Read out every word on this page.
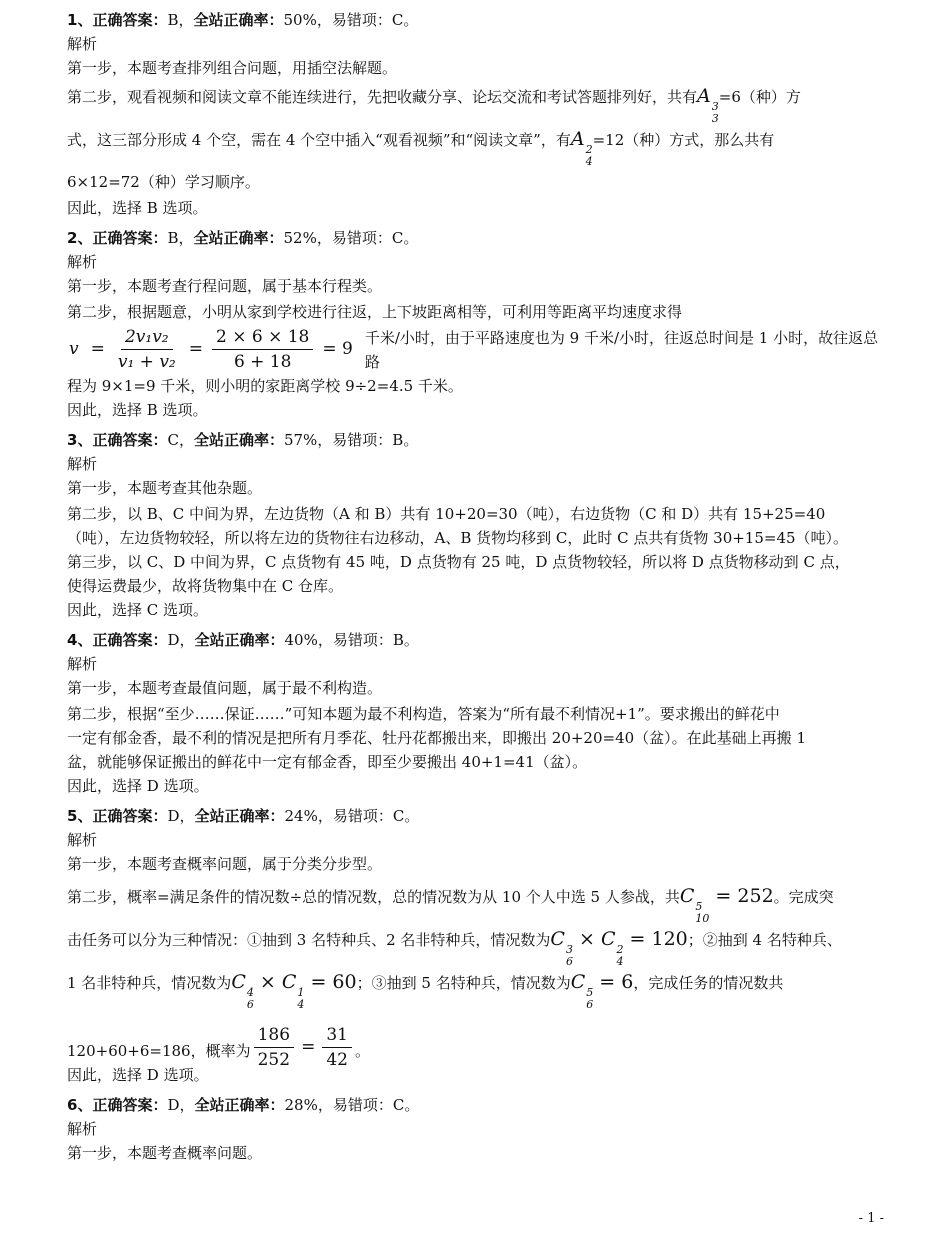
1、正确答案：B，全站正确率：50%，易错项：C。

解析

第一步，本题考查排列组合问题，用插空法解题。

第二步，观看视频和阅读文章不能连续进行，先把收藏分享、论坛交流和考试答题排列好，共有A 3
3
=6（种）方
式，这三部分形成 4 个空，需在 4 个空中插入“观看视频”和“阅读文章”，有A 2
4
=12（种）方式，那么共有
6×12=72（种）学习顺序。

因此，选择 B 选项。

2、正确答案：B，全站正确率：52%，易错项：C。

解析

第一步，本题考查行程问题，属于基本行程类。

第二步，根据题意，小明从家到学校进行往返，上下坡距离相等，可利用等距离平均速度求得

$v = \frac{\text{2v₁v₂}}{\text{v₁ + v₂}} = \frac{2 \times 6 \times 18}{6 + 18} = 9$
千米/小时，由于平路速度也为 9 千米/小时，往返总时间是 1 小时，故往返总路

程为 9×1=9 千米，则小明的家距离学校 9÷2=4.5 千米。

因此，选择 B 选项。

3、正确答案：C，全站正确率：57%，易错项：B。

解析

第一步，本题考查其他杂题。

第二步，以 B、C 中间为界，左边货物（A 和 B）共有 10+20=30（吨），右边货物（C 和 D）共有 15+25=40
（吨），左边货物较轻，所以将左边的货物往右边移动，A、B 货物均移到 C，此时 C 点共有货物 30+15=45（吨）。

第三步，以 C、D 中间为界，C 点货物有 45 吨，D 点货物有 25 吨，D 点货物较轻，所以将 D 点货物移动到 C 点，
使得运费最少，故将货物集中在 C 仓库。

因此，选择 C 选项。

4、正确答案：D，全站正确率：40%，易错项：B。

解析

第一步，本题考查最值问题，属于最不利构造。

第二步，根据“至少……保证……”可知本题为最不利构造，答案为“所有最不利情况+1”。要求搬出的鲜花中
一定有郁金香，最不利的情况是把所有月季花、牡丹花都搬出来，即搬出 20+20=40（盆）。在此基础上再搬 1
盆，就能够保证搬出的鲜花中一定有郁金香，即至少要搬出 40+1=41（盆）。

因此，选择 D 选项。

5、正确答案：D，全站正确率：24%，易错项：C。

解析

第一步，本题考查概率问题，属于分类分步型。

第二步，概率=满足条件的情况数÷总的情况数，总的情况数为从 10 个人中选 5 人参战，共C 5
10
= 252。完成突
击任务可以分为三种情况：①抽到 3 名特种兵、2 名非特种兵，情况数为C 3
6
× C 2
4
= 120；②抽到 4 名特种兵、
1 名非特种兵，情况数为C 4
6
× C 1
4
= 60；③抽到 5 名特种兵，情况数为C 5
6
= 6，完成任务的情况数共

120+60+6=186，概率为 $\frac{186}{252} = \frac{31}{42}$ 。

因此，选择 D 选项。

6、正确答案：D，全站正确率：28%，易错项：C。

解析

第一步，本题考查概率问题。

- 1 -
